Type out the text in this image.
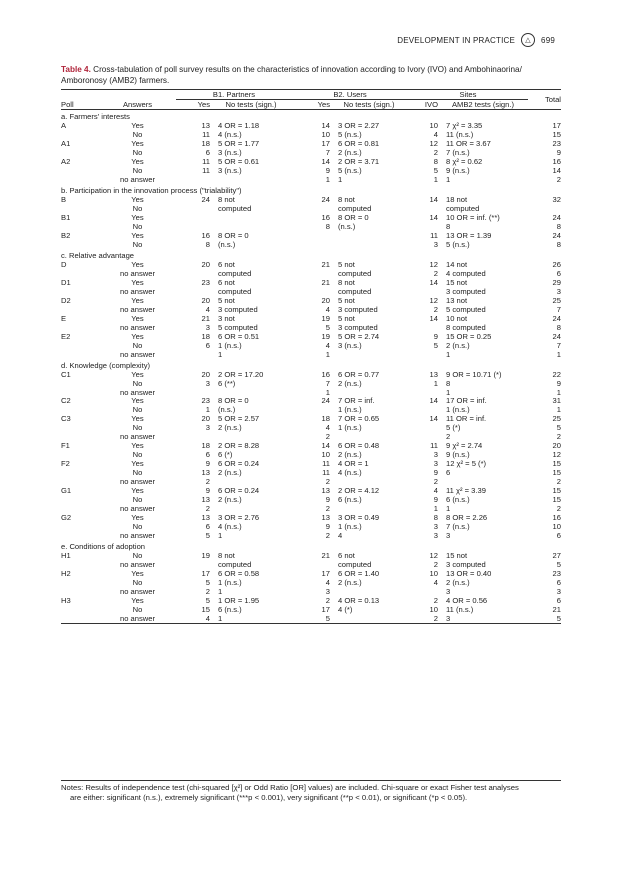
DEVELOPMENT IN PRACTICE	△	699
Table 4. Cross-tabulation of poll survey results on the characteristics of innovation according to Ivory (IVO) and Ambohinaorina/ Amboronosy (AMB2) farmers.
		B1. Partners		B2. Users		Sites		Total
Poll	Answers	Yes	No tests (sign.)	Yes	No tests (sign.)	IVO	AMB2 tests (sign.)	
a. Farmers' interests								
A	Yes	13	4 OR = 1.18	14	3 OR = 2.27	10	7 χ² = 3.35	17
	No	11	4 (n.s.)	10	5 (n.s.)	4	11 (n.s.)	15
A1	Yes	18	5 OR = 1.77	17	6 OR = 0.81	12	11 OR = 3.67	23
	No	6	3 (n.s.)	7	2 (n.s.)	2	7 (n.s.)	9
A2	Yes	11	5 OR = 0.61	14	2 OR = 3.71	8	8 χ² = 0.62	16
	No	11	3 (n.s.)	9	5 (n.s.)	5	9 (n.s.)	14
	no answer			1	1	1	1	2
b. Participation in the innovation process ("trialability")								
B	Yes	24	8 not	24	8 not	14	18 not	32
	No		computed		computed		computed	
B1	Yes			16	8 OR = 0	14	10 OR = inf. (**)	24
	No			8	(n.s.)		8	8
B2	Yes	16	8 OR = 0			11	13 OR = 1.39	24
	No	8	(n.s.)			3	5 (n.s.)	8
c. Relative advantage								
D	Yes	20	6 not	21	5 not	12	14 not	26
	no answer		computed		computed	2	4 computed	6
D1	Yes	23	6 not	21	8 not	14	15 not	29
	no answer		computed		computed		3 computed	3
D2	Yes	20	5 not	20	5 not	12	13 not	25
	no answer	4	3 computed	4	3 computed	2	5 computed	7
E	Yes	21	3 not	19	5 not	14	10 not	24
	no answer	3	5 computed	5	3 computed		8 computed	8
E2	Yes	18	6 OR = 0.51	19	5 OR = 2.74	9	15 OR = 0.25	24
	No	6	1 (n.s.)	4	3 (n.s.)	5	2 (n.s.)	7
	no answer		1	1			1	1
d. Knowledge (complexity)								
C1	Yes	20	2 OR = 17.20	16	6 OR = 0.77	13	9 OR = 10.71 (*)	22
	No	3	6 (**)	7	2 (n.s.)	1	8	9
	no answer			1			1	1
C2	Yes	23	8 OR = 0	24	7 OR = inf.	14	17 OR = inf.	31
	No	1	(n.s.)		1 (n.s.)		1 (n.s.)	1
C3	Yes	20	5 OR = 2.57	18	7 OR = 0.65	14	11 OR = inf.	25
	No	3	2 (n.s.)	4	1 (n.s.)		5 (*)	5
	no answer			2			2	2
F1	Yes	18	2 OR = 8.28	14	6 OR = 0.48	11	9 χ² = 2.74	20
	No	6	6 (*)	10	2 (n.s.)	3	9 (n.s.)	12
F2	Yes	9	6 OR = 0.24	11	4 OR = 1	3	12 χ² = 5 (*)	15
	No	13	2 (n.s.)	11	4 (n.s.)	9	6	15
	no answer	2		2		2		2
G1	Yes	9	6 OR = 0.24	13	2 OR = 4.12	4	11 χ² = 3.39	15
	No	13	2 (n.s.)	9	6 (n.s.)	9	6 (n.s.)	15
	no answer	2		2		1	1	2
G2	Yes	13	3 OR = 2.76	13	3 OR = 0.49	8	8 OR = 2.26	16
	No	6	4 (n.s.)	9	1 (n.s.)	3	7 (n.s.)	10
	no answer	5	1	2	4	3	3	6
e. Conditions of adoption								
H1	No	19	8 not	21	6 not	12	15 not	27
	no answer		computed		computed	2	3 computed	5
H2	Yes	17	6 OR = 0.58	17	6 OR = 1.40	10	13 OR = 0.40	23
	No	5	1 (n.s.)	4	2 (n.s.)	4	2 (n.s.)	6
	no answer	2	1	3			3	3
H3	Yes	5	1 OR = 1.95	2	4 OR = 0.13	2	4 OR = 0.56	6
	No	15	6 (n.s.)	17	4 (*)	10	11 (n.s.)	21
	no answer	4	1	5		2	3	5
Notes: Results of independence test (chi-squared [χ²] or Odd Ratio [OR] values) are included. Chi-square or exact Fisher test analyses
are either: significant (n.s.), extremely significant (***p < 0.001), very significant (**p < 0.01), or significant (*p < 0.05).
